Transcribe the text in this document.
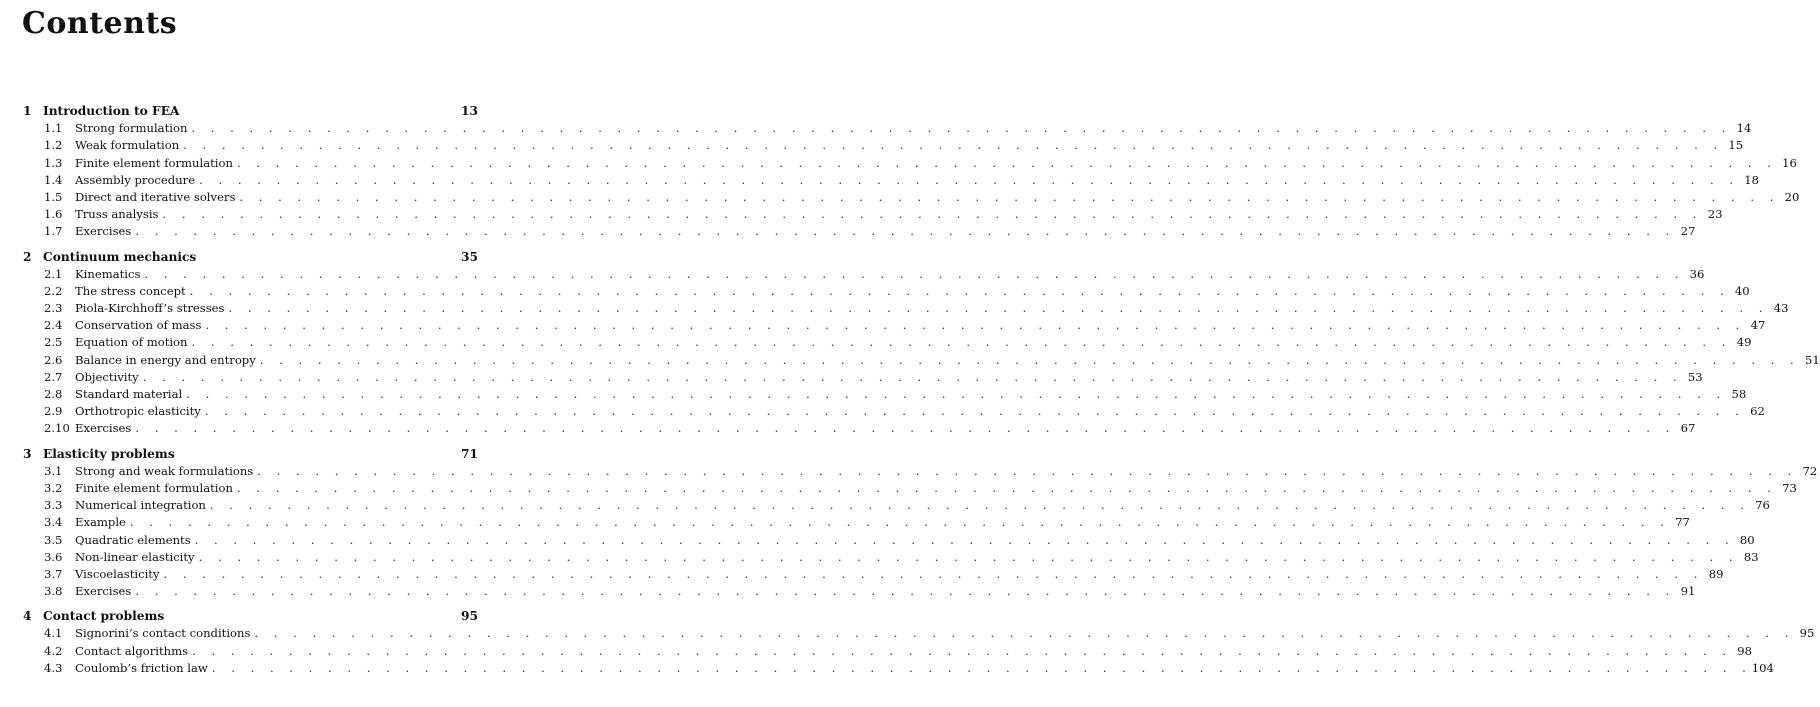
Contents
1 Introduction to FEA	13
1.1	Strong formulation . . . . . . . . . . . . . . . . . . . . . . . . . . . . . . . . . . . . . . . . . . . . . . . . . . . . . . . . . . . . . . . . . . . . . . . . . . . . . . . . 14
1.2	Weak formulation . . . . . . . . . . . . . . . . . . . . . . . . . . . . . . . . . . . . . . . . . . . . . . . . . . . . . . . . . . . . . . . . . . . . . . . . . . . . . . . . 15
1.3	Finite element formulation . . . . . . . . . . . . . . . . . . . . . . . . . . . . . . . . . . . . . . . . . . . . . . . . . . . . . . . . . . . . . . . . . . . . . . . . . . . . . . . . 16
1.4	Assembly procedure . . . . . . . . . . . . . . . . . . . . . . . . . . . . . . . . . . . . . . . . . . . . . . . . . . . . . . . . . . . . . . . . . . . . . . . . . . . . . . . . 18
1.5	Direct and iterative solvers . . . . . . . . . . . . . . . . . . . . . . . . . . . . . . . . . . . . . . . . . . . . . . . . . . . . . . . . . . . . . . . . . . . . . . . . . . . . . . . . 20
1.6	Truss analysis . . . . . . . . . . . . . . . . . . . . . . . . . . . . . . . . . . . . . . . . . . . . . . . . . . . . . . . . . . . . . . . . . . . . . . . . . . . . . . . . 23
1.7	Exercises . . . . . . . . . . . . . . . . . . . . . . . . . . . . . . . . . . . . . . . . . . . . . . . . . . . . . . . . . . . . . . . . . . . . . . . . . . . . . . . . 27
2 Continuum mechanics	35
2.1	Kinematics . . . . . . . . . . . . . . . . . . . . . . . . . . . . . . . . . . . . . . . . . . . . . . . . . . . . . . . . . . . . . . . . . . . . . . . . . . . . . . . . 36
2.2	The stress concept . . . . . . . . . . . . . . . . . . . . . . . . . . . . . . . . . . . . . . . . . . . . . . . . . . . . . . . . . . . . . . . . . . . . . . . . . . . . . . . . 40
2.3	Piola-Kirchhoff’s stresses . . . . . . . . . . . . . . . . . . . . . . . . . . . . . . . . . . . . . . . . . . . . . . . . . . . . . . . . . . . . . . . . . . . . . . . . . . . . . . . . 43
2.4	Conservation of mass . . . . . . . . . . . . . . . . . . . . . . . . . . . . . . . . . . . . . . . . . . . . . . . . . . . . . . . . . . . . . . . . . . . . . . . . . . . . . . . . 47
2.5	Equation of motion . . . . . . . . . . . . . . . . . . . . . . . . . . . . . . . . . . . . . . . . . . . . . . . . . . . . . . . . . . . . . . . . . . . . . . . . . . . . . . . . 49
2.6	Balance in energy and entropy . . . . . . . . . . . . . . . . . . . . . . . . . . . . . . . . . . . . . . . . . . . . . . . . . . . . . . . . . . . . . . . . . . . . . . . . . . . . . . . . 51
2.7	Objectivity . . . . . . . . . . . . . . . . . . . . . . . . . . . . . . . . . . . . . . . . . . . . . . . . . . . . . . . . . . . . . . . . . . . . . . . . . . . . . . . . 53
2.8	Standard material . . . . . . . . . . . . . . . . . . . . . . . . . . . . . . . . . . . . . . . . . . . . . . . . . . . . . . . . . . . . . . . . . . . . . . . . . . . . . . . . 58
2.9	Orthotropic elasticity . . . . . . . . . . . . . . . . . . . . . . . . . . . . . . . . . . . . . . . . . . . . . . . . . . . . . . . . . . . . . . . . . . . . . . . . . . . . . . . . 62
2.10 Exercises . . . . . . . . . . . . . . . . . . . . . . . . . . . . . . . . . . . . . . . . . . . . . . . . . . . . . . . . . . . . . . . . . . . . . . . . . . . . . . . . 67
3 Elasticity problems	71
3.1	Strong and weak formulations . . . . . . . . . . . . . . . . . . . . . . . . . . . . . . . . . . . . . . . . . . . . . . . . . . . . . . . . . . . . . . . . . . . . . . . . . . . . . . . . 72
3.2	Finite element formulation . . . . . . . . . . . . . . . . . . . . . . . . . . . . . . . . . . . . . . . . . . . . . . . . . . . . . . . . . . . . . . . . . . . . . . . . . . . . . . . . 73
3.3	Numerical integration . . . . . . . . . . . . . . . . . . . . . . . . . . . . . . . . . . . . . . . . . . . . . . . . . . . . . . . . . . . . . . . . . . . . . . . . . . . . . . . . 76
3.4	Example . . . . . . . . . . . . . . . . . . . . . . . . . . . . . . . . . . . . . . . . . . . . . . . . . . . . . . . . . . . . . . . . . . . . . . . . . . . . . . . . 77
3.5	Quadratic elements . . . . . . . . . . . . . . . . . . . . . . . . . . . . . . . . . . . . . . . . . . . . . . . . . . . . . . . . . . . . . . . . . . . . . . . . . . . . . . . . 80
3.6	Non-linear elasticity . . . . . . . . . . . . . . . . . . . . . . . . . . . . . . . . . . . . . . . . . . . . . . . . . . . . . . . . . . . . . . . . . . . . . . . . . . . . . . . . 83
3.7	Viscoelasticity . . . . . . . . . . . . . . . . . . . . . . . . . . . . . . . . . . . . . . . . . . . . . . . . . . . . . . . . . . . . . . . . . . . . . . . . . . . . . . . . 89
3.8	Exercises . . . . . . . . . . . . . . . . . . . . . . . . . . . . . . . . . . . . . . . . . . . . . . . . . . . . . . . . . . . . . . . . . . . . . . . . . . . . . . . . 91
4 Contact problems	95
4.1	Signorini’s contact conditions . . . . . . . . . . . . . . . . . . . . . . . . . . . . . . . . . . . . . . . . . . . . . . . . . . . . . . . . . . . . . . . . . . . . . . . . . . . . . . . . 95
4.2	Contact algorithms . . . . . . . . . . . . . . . . . . . . . . . . . . . . . . . . . . . . . . . . . . . . . . . . . . . . . . . . . . . . . . . . . . . . . . . . . . . . . . . . 98
4.3	Coulomb’s friction law . . . . . . . . . . . . . . . . . . . . . . . . . . . . . . . . . . . . . . . . . . . . . . . . . . . . . . . . . . . . . . . . . . . . . . . . . . . . . . . . 104
